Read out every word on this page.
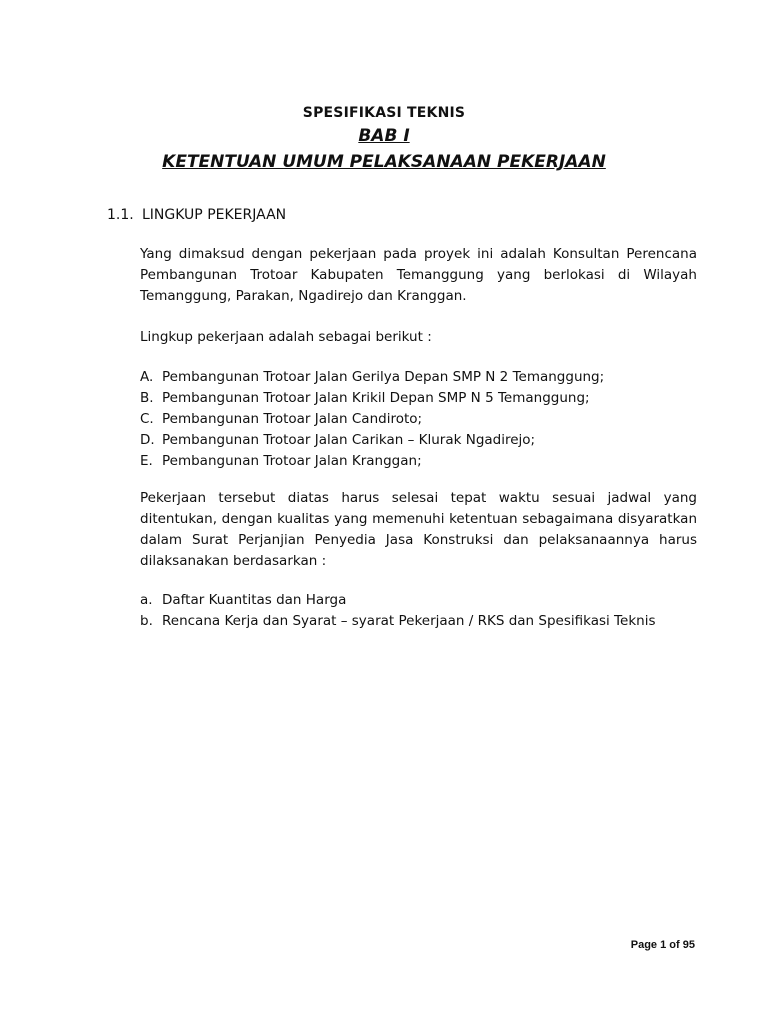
SPESIFIKASI TEKNIS
BAB I
KETENTUAN UMUM PELAKSANAAN PEKERJAAN
1.1. LINGKUP PEKERJAAN

Yang dimaksud dengan pekerjaan pada proyek ini adalah Konsultan Perencana Pembangunan Trotoar Kabupaten Temanggung yang berlokasi di Wilayah Temanggung, Parakan, Ngadirejo dan Kranggan.

Lingkup pekerjaan adalah sebagai berikut :

A. Pembangunan Trotoar Jalan Gerilya Depan SMP N 2 Temanggung;
B. Pembangunan Trotoar Jalan Krikil Depan SMP N 5 Temanggung;
C. Pembangunan Trotoar Jalan Candiroto;
D. Pembangunan Trotoar Jalan Carikan – Klurak Ngadirejo;
E. Pembangunan Trotoar Jalan Kranggan;

Pekerjaan tersebut diatas harus selesai tepat waktu sesuai jadwal yang ditentukan, dengan kualitas yang memenuhi ketentuan sebagaimana disyaratkan dalam Surat Perjanjian Penyedia Jasa Konstruksi dan pelaksanaannya harus dilaksanakan berdasarkan :

a. Daftar Kuantitas dan Harga
b. Rencana Kerja dan Syarat – syarat Pekerjaan / RKS dan Spesifikasi Teknis
Page 1 of 95
